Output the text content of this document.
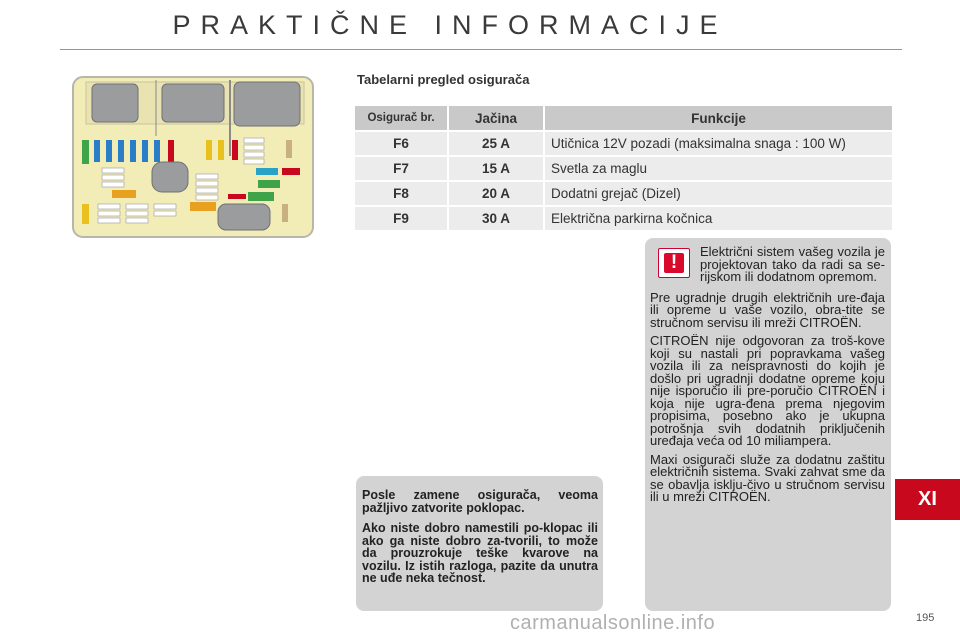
PRAKTIČNE INFORMACIJE
Tabelarni pregled osigurača
Osigurač br.	Jačina	Funkcije
F6	25 A	Utičnica 12V pozadi (maksimalna snaga : 100 W)
F7	15 A	Svetla za maglu
F8	20 A	Dodatni grejač (Dizel)
F9	30 A	Električna parkirna kočnica
!

Električni sistem vašeg vozila je projektovan tako da radi sa se-rijskom ili dodatnom opremom.

Pre ugradnje drugih električnih ure-đaja ili opreme u vaše vozilo, obra-tite se stručnom servisu ili mreži CITROËN.

CITROËN nije odgovoran za troš-kove koji su nastali pri popravkama vašeg vozila ili za neispravnosti do kojih je došlo pri ugradnji dodatne opreme koju nije isporučio ili pre-poručio CITROËN i koja nije ugra-đena prema njegovim propisima, posebno ako je ukupna potrošnja svih dodatnih priključenih uređaja veća od 10 miliampera.

Maxi osigurači služe za dodatnu zaštitu električnih sistema. Svaki zahvat sme da se obavlja isklju-čivo u stručnom servisu ili u mreži CITROËN.

Posle zamene osigurača, veoma pažljivo zatvorite poklopac.

Ako niste dobro namestili po-klopac ili ako ga niste dobro za-tvorili, to može da prouzrokuje teške kvarove na vozilu. Iz istih razloga, pazite da unutra ne uđe neka tečnost.

XI
carmanualsonline.info	195
